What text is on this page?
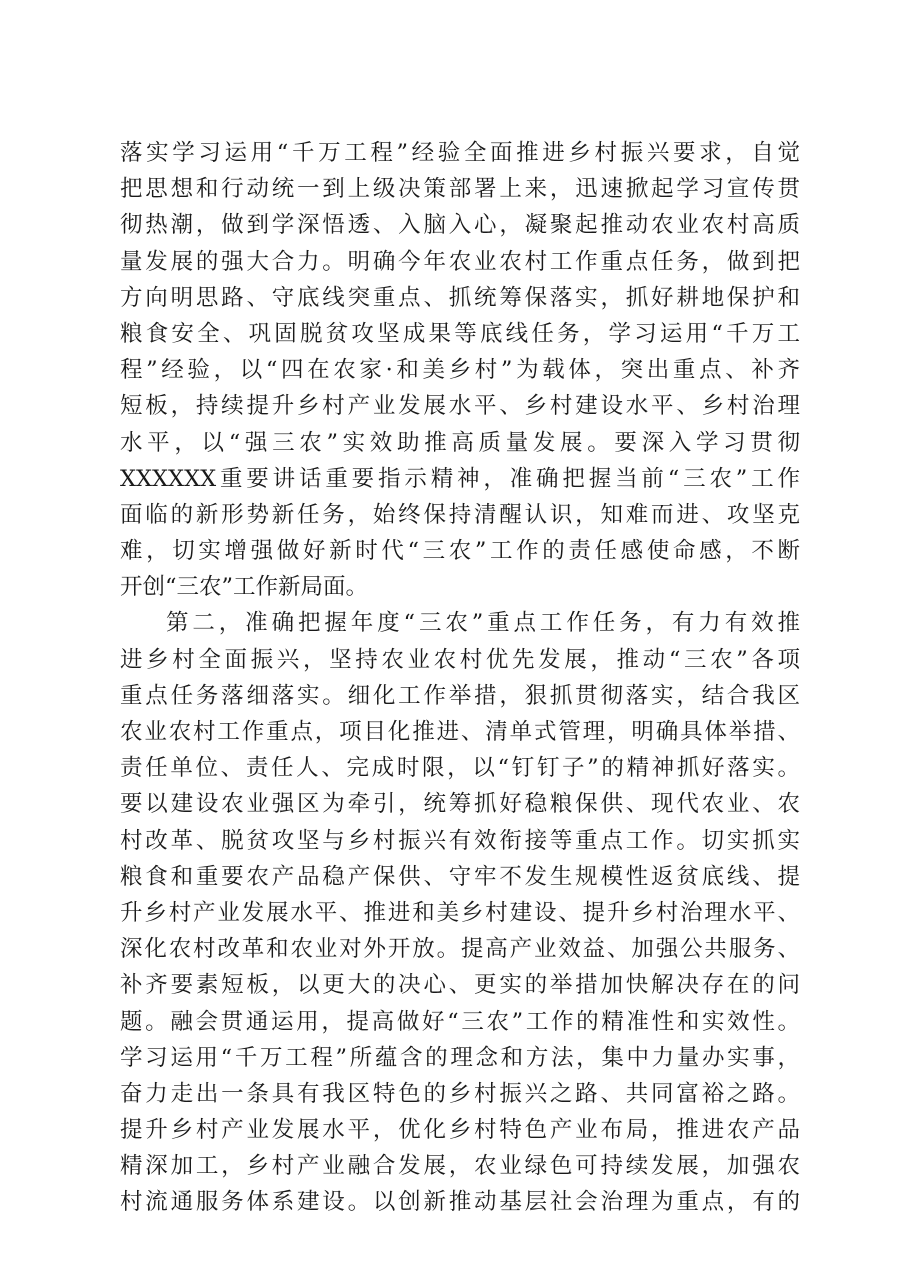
落实学习运用“千万工程”经验全面推进乡村振兴要求，自觉
把思想和行动统一到上级决策部署上来，迅速掀起学习宣传贯
彻热潮，做到学深悟透、入脑入心，凝聚起推动农业农村高质
量发展的强大合力。明确今年农业农村工作重点任务，做到把
方向明思路、守底线突重点、抓统筹保落实，抓好耕地保护和
粮食安全、巩固脱贫攻坚成果等底线任务，学习运用“千万工
程”经验，以“四在农家·和美乡村”为载体，突出重点、补齐
短板，持续提升乡村产业发展水平、乡村建设水平、乡村治理
水平，以“强三农”实效助推高质量发展。要深入学习贯彻
XXXXXX重要讲话重要指示精神，准确把握当前“三农”工作
面临的新形势新任务，始终保持清醒认识，知难而进、攻坚克
难，切实增强做好新时代“三农”工作的责任感使命感，不断
开创“三农”工作新局面。
第二，准确把握年度“三农”重点工作任务，有力有效推
进乡村全面振兴，坚持农业农村优先发展，推动“三农”各项
重点任务落细落实。细化工作举措，狠抓贯彻落实，结合我区
农业农村工作重点，项目化推进、清单式管理，明确具体举措、
责任单位、责任人、完成时限，以“钉钉子”的精神抓好落实。
要以建设农业强区为牵引，统筹抓好稳粮保供、现代农业、农
村改革、脱贫攻坚与乡村振兴有效衔接等重点工作。切实抓实
粮食和重要农产品稳产保供、守牢不发生规模性返贫底线、提
升乡村产业发展水平、推进和美乡村建设、提升乡村治理水平、
深化农村改革和农业对外开放。提高产业效益、加强公共服务、
补齐要素短板，以更大的决心、更实的举措加快解决存在的问
题。融会贯通运用，提高做好“三农”工作的精准性和实效性。
学习运用“千万工程”所蕴含的理念和方法，集中力量办实事，
奋力走出一条具有我区特色的乡村振兴之路、共同富裕之路。
提升乡村产业发展水平，优化乡村特色产业布局，推进农产品
精深加工，乡村产业融合发展，农业绿色可持续发展，加强农
村流通服务体系建设。以创新推动基层社会治理为重点，有的
